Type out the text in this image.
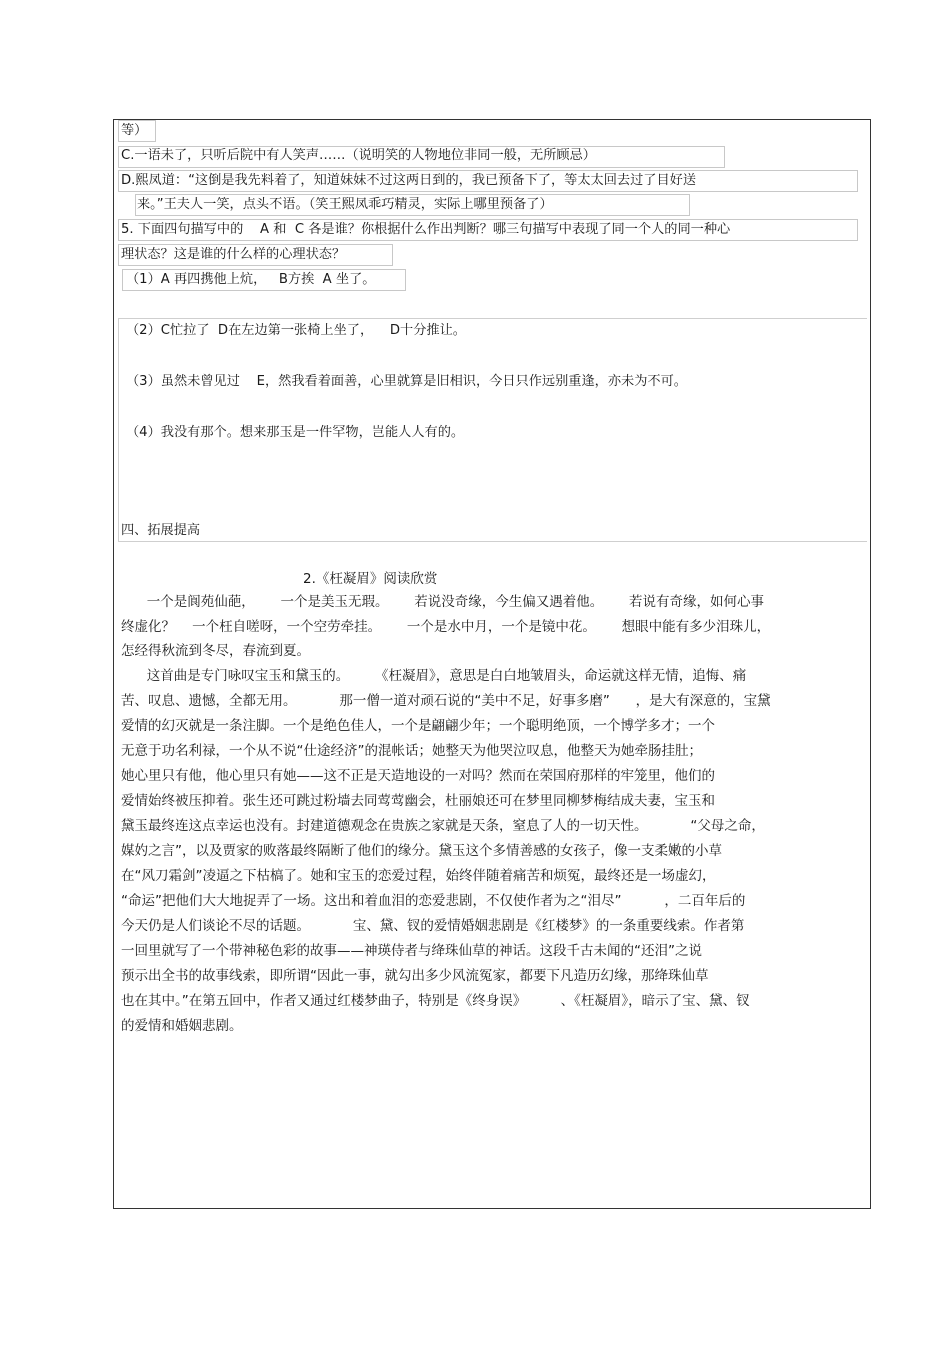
等）
C.一语未了，只听后院中有人笑声……（说明笑的人物地位非同一般，无所顾忌）
D.熙凤道：“这倒是我先料着了，知道妹妹不过这两日到的，我已预备下了，等太太回去过了目好送
来。”王夫人一笑，点头不语。（笑王熙凤乖巧精灵，实际上哪里预备了）
5. 下面四句描写中的    A 和  C 各是谁？你根据什么作出判断？哪三句描写中表现了同一个人的同一种心
理状态？这是谁的什么样的心理状态？
（1）A 再四携他上炕，   B方挨  A 坐了。
（2）C忙拉了  D在左边第一张椅上坐了，    D十分推让。
（3）虽然未曾见过    E，然我看着面善，心里就算是旧相识，今日只作远别重逢，亦未为不可。
（4）我没有那个。想来那玉是一件罕物，岂能人人有的。
四、拓展提高
2.《枉凝眉》阅读欣赏
一个是阆苑仙葩，      一个是美玉无瑕。      若说没奇缘，今生偏又遇着他。      若说有奇缘，如何心事
终虚化？    一个枉自嗟呀，一个空劳牵挂。      一个是水中月，一个是镜中花。      想眼中能有多少泪珠儿，
怎经得秋流到冬尽，春流到夏。
这首曲是专门咏叹宝玉和黛玉的。      《枉凝眉》，意思是白白地皱眉头，命运就这样无情，追悔、痛
苦、叹息、遗憾，全都无用。          那一僧一道对顽石说的“美中不足，好事多磨”      ，是大有深意的，宝黛
爱情的幻灭就是一条注脚。一个是绝色佳人，一个是翩翩少年；一个聪明绝顶，一个博学多才；一个
无意于功名利禄，一个从不说“仕途经济”的混帐话；她整天为他哭泣叹息，他整天为她牵肠挂肚；
她心里只有他，他心里只有她——这不正是天造地设的一对吗？然而在荣国府那样的牢笼里，他们的
爱情始终被压抑着。张生还可跳过粉墙去同莺莺幽会，杜丽娘还可在梦里同柳梦梅结成夫妻，宝玉和
黛玉最终连这点幸运也没有。封建道德观念在贵族之家就是天条，窒息了人的一切天性。          “父母之命，
媒妁之言”，以及贾家的败落最终隔断了他们的缘分。黛玉这个多情善感的女孩子，像一支柔嫩的小草
在“风刀霜剑”凌逼之下枯槁了。她和宝玉的恋爱过程，始终伴随着痛苦和烦冤，最终还是一场虚幻，
“命运”把他们大大地捉弄了一场。这出和着血泪的恋爱悲剧，不仅使作者为之“泪尽”          ，二百年后的
今天仍是人们谈论不尽的话题。          宝、黛、钗的爱情婚姻悲剧是《红楼梦》的一条重要线索。作者第
一回里就写了一个带神秘色彩的故事——神瑛侍者与绛珠仙草的神话。这段千古未闻的“还泪”之说
预示出全书的故事线索，即所谓“因此一事，就勾出多少风流冤家，都要下凡造历幻缘，那绛珠仙草
也在其中。”在第五回中，作者又通过红楼梦曲子，特别是《终身误》        、《枉凝眉》，暗示了宝、黛、钗
的爱情和婚姻悲剧。
